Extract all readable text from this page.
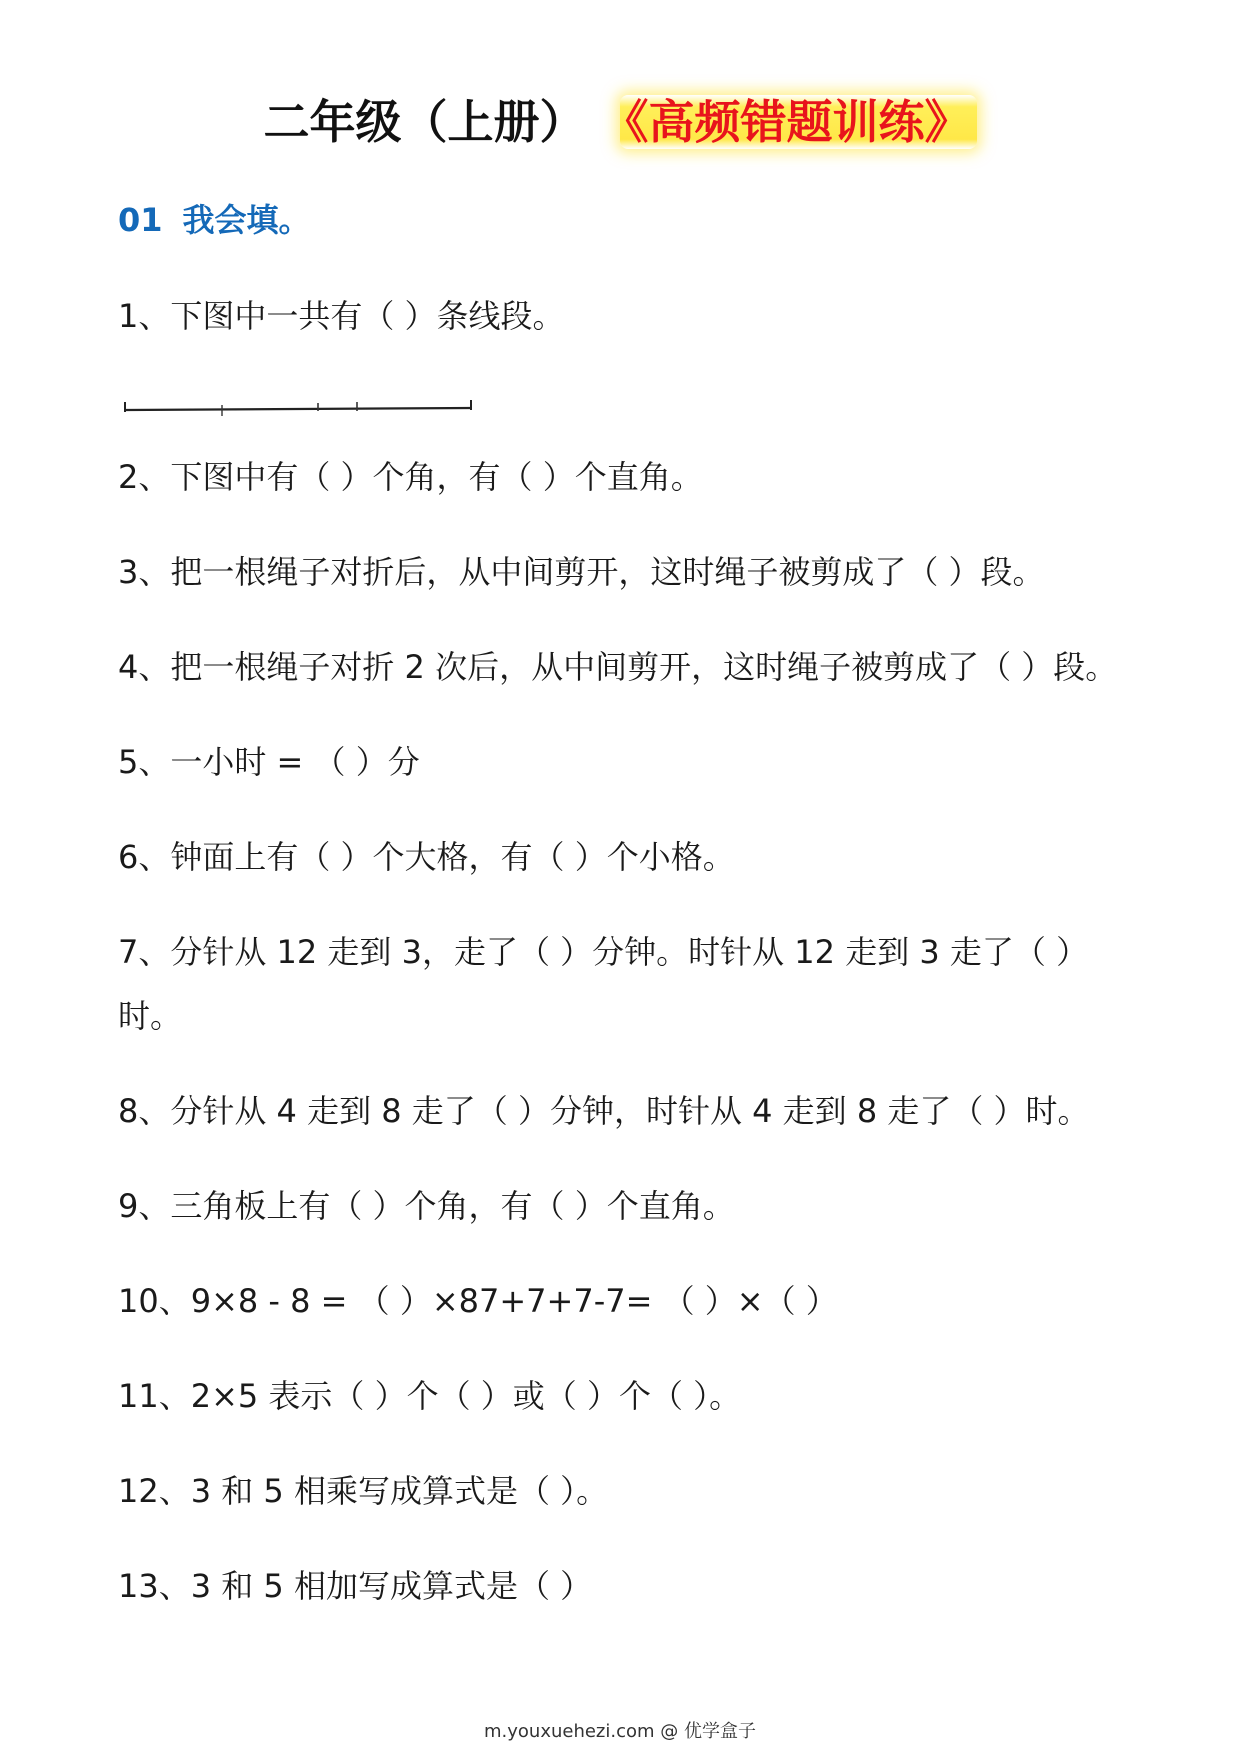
二年级（上册） 《高频错题训练》
01 我会填。
1、下图中一共有（ ）条线段。
2、下图中有（ ）个角，有（ ）个直角。
3、把一根绳子对折后，从中间剪开，这时绳子被剪成了（ ）段。
4、把一根绳子对折 2 次后，从中间剪开，这时绳子被剪成了（ ）段。
5、一小时 = （ ）分
6、钟面上有（ ）个大格，有（ ）个小格。
7、分针从 12 走到 3，走了（ ）分钟。时针从 12 走到 3 走了（ ）时。
8、分针从 4 走到 8 走了（ ）分钟，时针从 4 走到 8 走了（ ）时。
9、三角板上有（ ）个角，有（ ）个直角。
10、9×8 - 8 = （ ）×87+7+7-7= （ ）×（ ）
11、2×5 表示（ ）个（ ）或（ ）个（ ）。
12、3 和 5 相乘写成算式是（ ）。
13、3 和 5 相加写成算式是（ ）
m.youxuehezi.com @ 优学盒子
